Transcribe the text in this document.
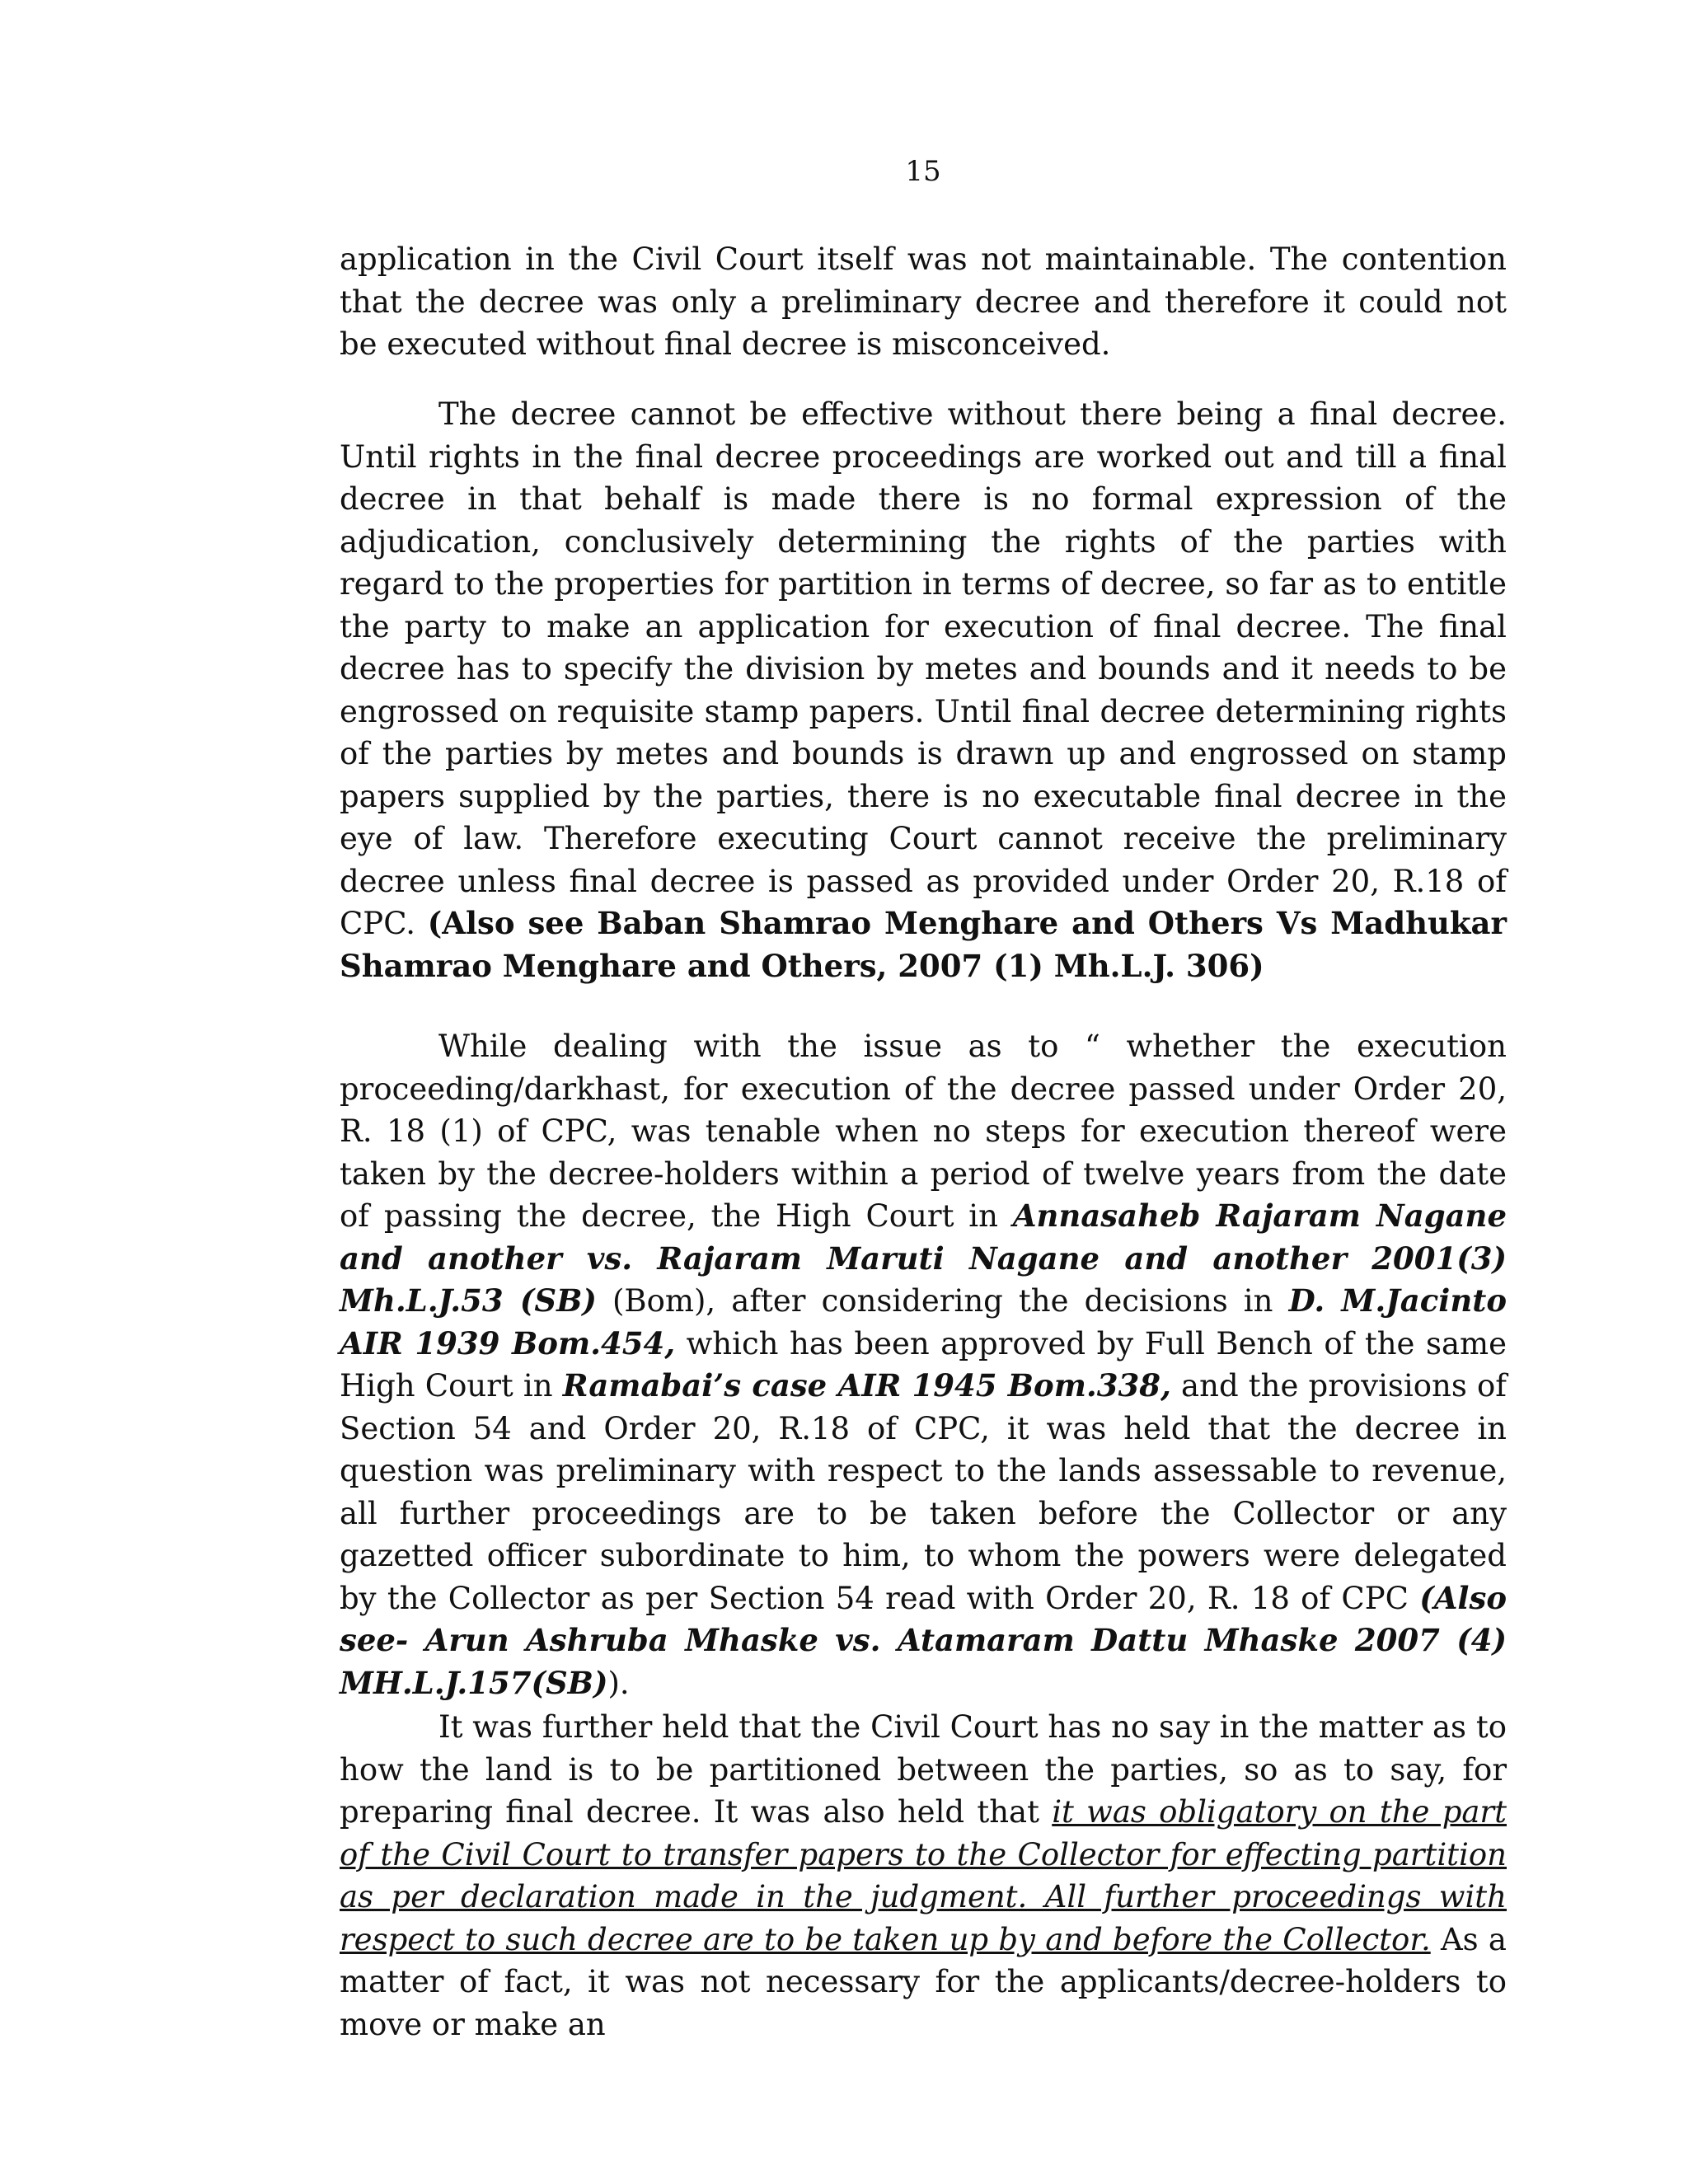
15

application in the Civil Court itself was not maintainable. The contention that the decree was only a preliminary decree and therefore it could not be executed without final decree is misconceived.

The decree cannot be effective without there being a final decree. Until rights in the final decree proceedings are worked out and till a final decree in that behalf is made there is no formal expression of the adjudication, conclusively determining the rights of the parties with regard to the properties for partition in terms of decree, so far as to entitle the party to make an application for execution of final decree. The final decree has to specify the division by metes and bounds and it needs to be engrossed on requisite stamp papers. Until final decree determining rights of the parties by metes and bounds is drawn up and engrossed on stamp papers supplied by the parties, there is no executable final decree in the eye of law. Therefore executing Court cannot receive the preliminary decree unless final decree is passed as provided under Order 20, R.18 of CPC. (Also see Baban Shamrao Menghare and Others Vs Madhukar Shamrao Menghare and Others, 2007 (1) Mh.L.J. 306)

While dealing with the issue as to “ whether the execution proceeding/darkhast, for execution of the decree passed under Order 20, R. 18 (1) of CPC, was tenable when no steps for execution thereof were taken by the decree-holders within a period of twelve years from the date of passing the decree, the High Court in Annasaheb Rajaram Nagane and another vs. Rajaram Maruti Nagane and another 2001(3) Mh.L.J.53 (SB) (Bom), after considering the decisions in D. M.Jacinto AIR 1939 Bom.454, which has been approved by Full Bench of the same High Court in Ramabai’s case AIR 1945 Bom.338, and the provisions of Section 54 and Order 20, R.18 of CPC, it was held that the decree in question was preliminary with respect to the lands assessable to revenue, all further proceedings are to be taken before the Collector or any gazetted officer subordinate to him, to whom the powers were delegated by the Collector as per Section 54 read with Order 20, R. 18 of CPC (Also see- Arun Ashruba Mhaske vs. Atamaram Dattu Mhaske 2007 (4) MH.L.J.157(SB)).

It was further held that the Civil Court has no say in the matter as to how the land is to be partitioned between the parties, so as to say, for preparing final decree. It was also held that it was obligatory on the part of the Civil Court to transfer papers to the Collector for effecting partition as per declaration made in the judgment. All further proceedings with respect to such decree are to be taken up by and before the Collector. As a matter of fact, it was not necessary for the applicants/decree-holders to move or make an
